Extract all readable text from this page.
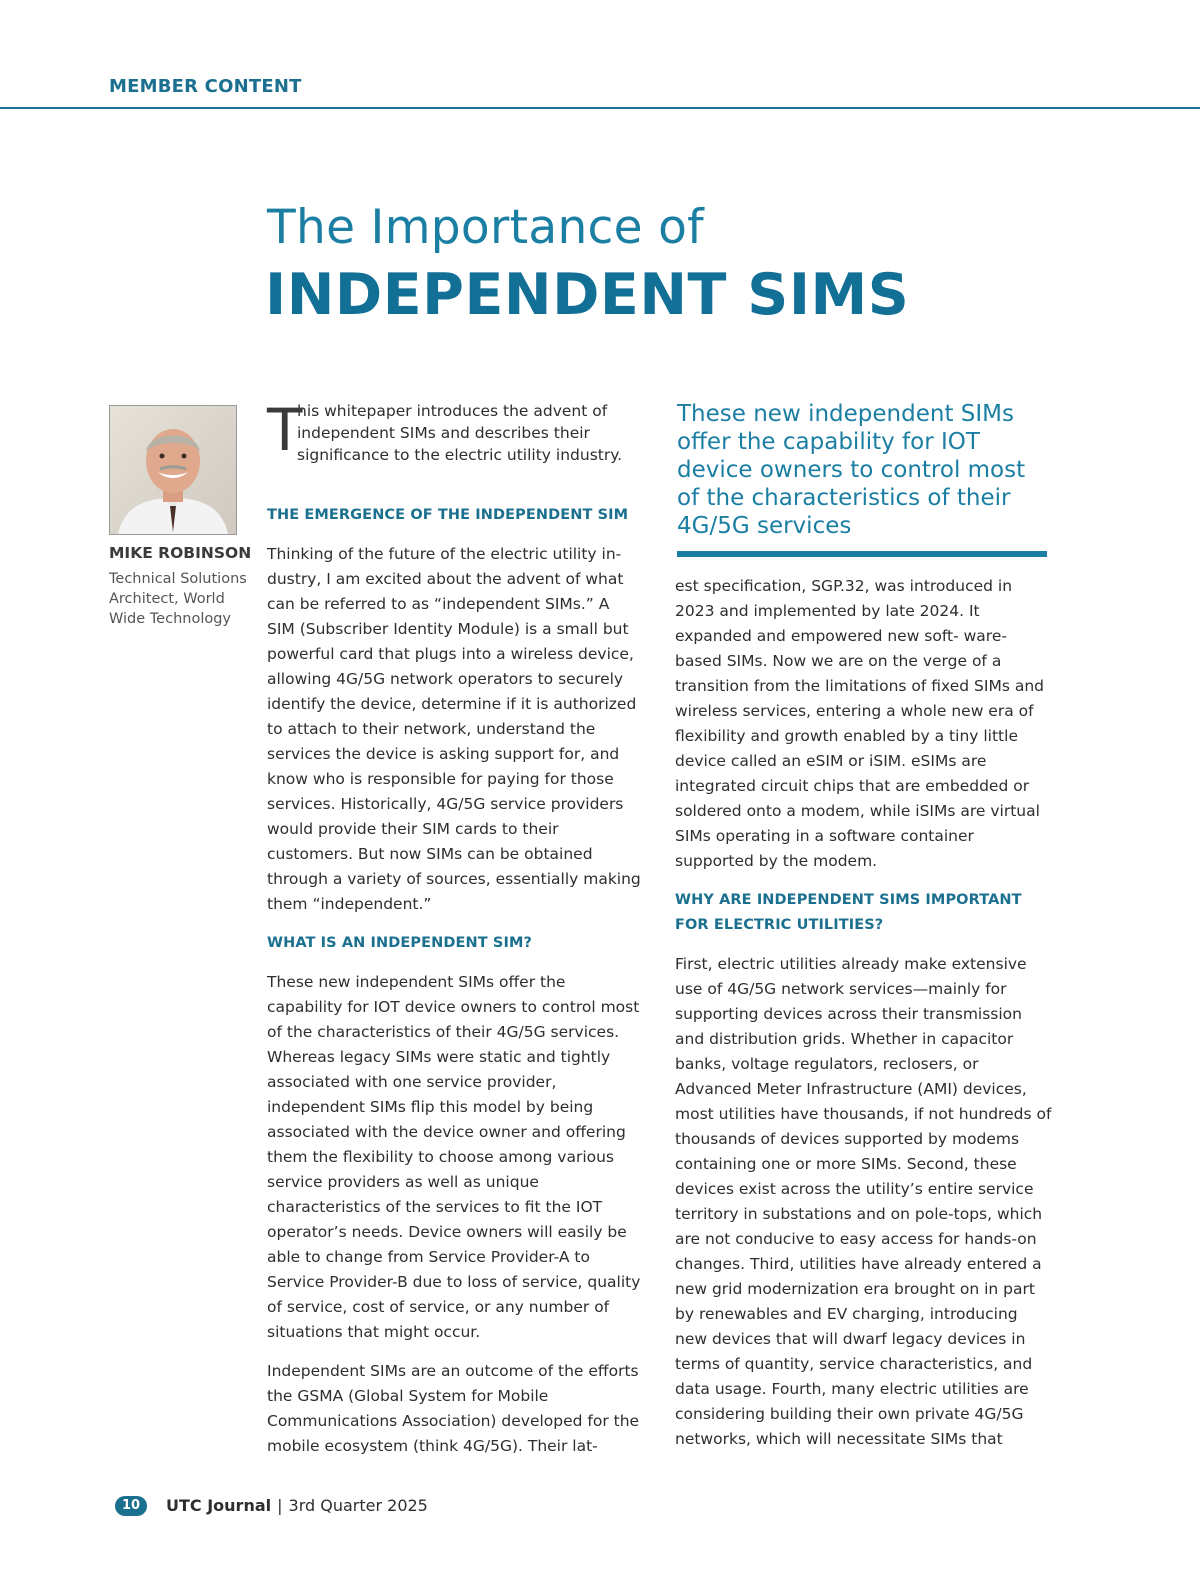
MEMBER CONTENT
The Importance of
INDEPENDENT SIMS
MIKE ROBINSON
Technical Solutions Architect, World Wide Technology

T
his whitepaper introduces the advent of independent SIMs and describes their significance to the electric utility industry.

THE EMERGENCE OF THE INDEPENDENT SIM

Thinking of the future of the electric utility in- dustry, I am excited about the advent of what can be referred to as “independent SIMs.” A SIM (Subscriber Identity Module) is a small but powerful card that plugs into a wireless device, allowing 4G/5G network operators to securely identify the device, determine if it is authorized to attach to their network, understand the services the device is asking support for, and know who is responsible for paying for those services. Historically, 4G/5G service providers would provide their SIM cards to their customers. But now SIMs can be obtained through a variety of sources, essentially making them “independent.”

WHAT IS AN INDEPENDENT SIM?

These new independent SIMs offer the capability for IOT device owners to control most of the characteristics of their 4G/5G services. Whereas legacy SIMs were static and tightly associated with one service provider, independent SIMs flip this model by being associated with the device owner and offering them the flexibility to choose among various service providers as well as unique characteristics of the services to fit the IOT operator’s needs. Device owners will easily be able to change from Service Provider-A to Service Provider-B due to loss of service, quality of service, cost of service, or any number of situations that might occur.

Independent SIMs are an outcome of the efforts the GSMA (Global System for Mobile Communications Association) developed for the mobile ecosystem (think 4G/5G). Their lat-

These new independent SIMs offer the capability for IOT device owners to control most of the characteristics of their 4G/5G services

est specification, SGP.32, was introduced in 2023 and implemented by late 2024. It expanded and empowered new soft- ware-based SIMs. Now we are on the verge of a transition from the limitations of fixed SIMs and wireless services, entering a whole new era of flexibility and growth enabled by a tiny little device called an eSIM or iSIM. eSIMs are integrated circuit chips that are embedded or soldered onto a modem, while iSIMs are virtual SIMs operating in a software container supported by the modem.

WHY ARE INDEPENDENT SIMS IMPORTANT FOR ELECTRIC UTILITIES?

First, electric utilities already make extensive use of 4G/5G network services—mainly for supporting devices across their transmission and distribution grids. Whether in capacitor banks, voltage regulators, reclosers, or Advanced Meter Infrastructure (AMI) devices, most utilities have thousands, if not hundreds of thousands of devices supported by modems containing one or more SIMs. Second, these devices exist across the utility’s entire service territory in substations and on pole-tops, which are not conducive to easy access for hands-on changes. Third, utilities have already entered a new grid modernization era brought on in part by renewables and EV charging, introducing new devices that will dwarf legacy devices in terms of quantity, service characteristics, and data usage. Fourth, many electric utilities are considering building their own private 4G/5G networks, which will necessitate SIMs that

10	UTC Journal | 3rd Quarter 2025
